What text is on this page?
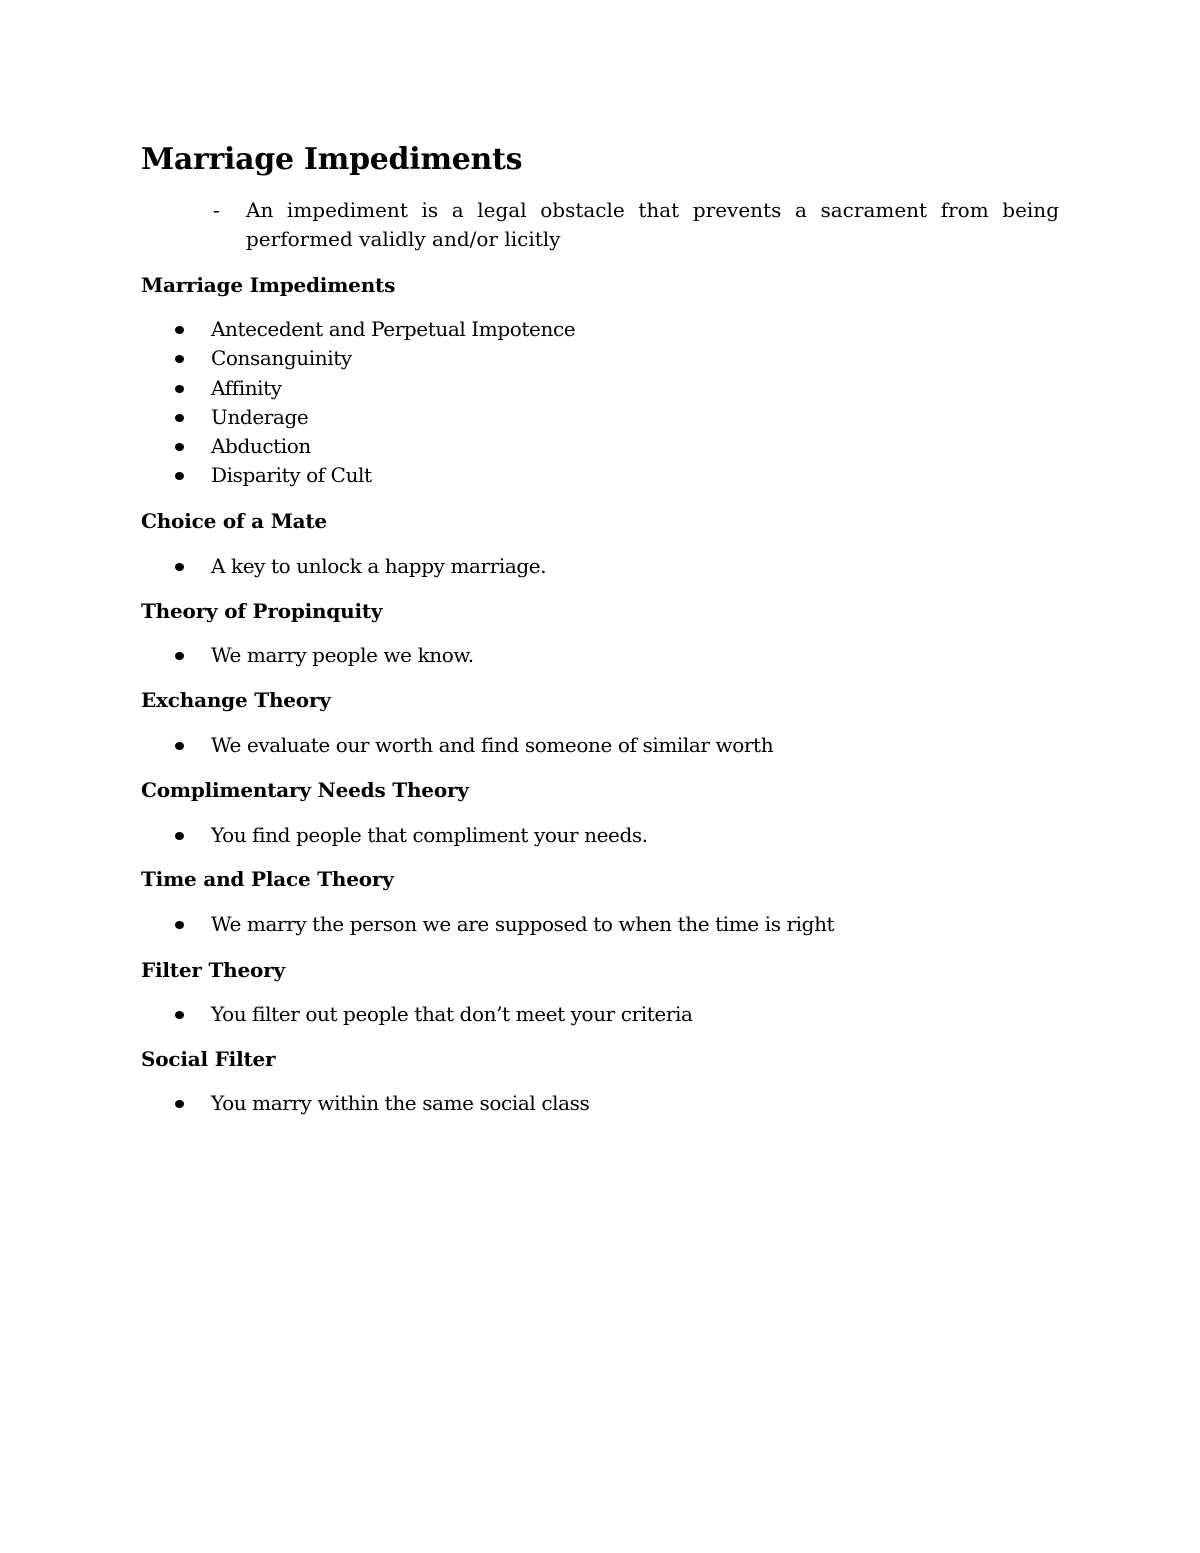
Marriage Impediments
- An impediment is a legal obstacle that prevents a sacrament from being performed validly and/or licitly
Marriage Impediments
Antecedent and Perpetual Impotence
Consanguinity
Affinity
Underage
Abduction
Disparity of Cult
Choice of a Mate
A key to unlock a happy marriage.
Theory of Propinquity
We marry people we know.
Exchange Theory
We evaluate our worth and find someone of similar worth
Complimentary Needs Theory
You find people that compliment your needs.
Time and Place Theory
We marry the person we are supposed to when the time is right
Filter Theory
You filter out people that don’t meet your criteria
Social Filter
You marry within the same social class
